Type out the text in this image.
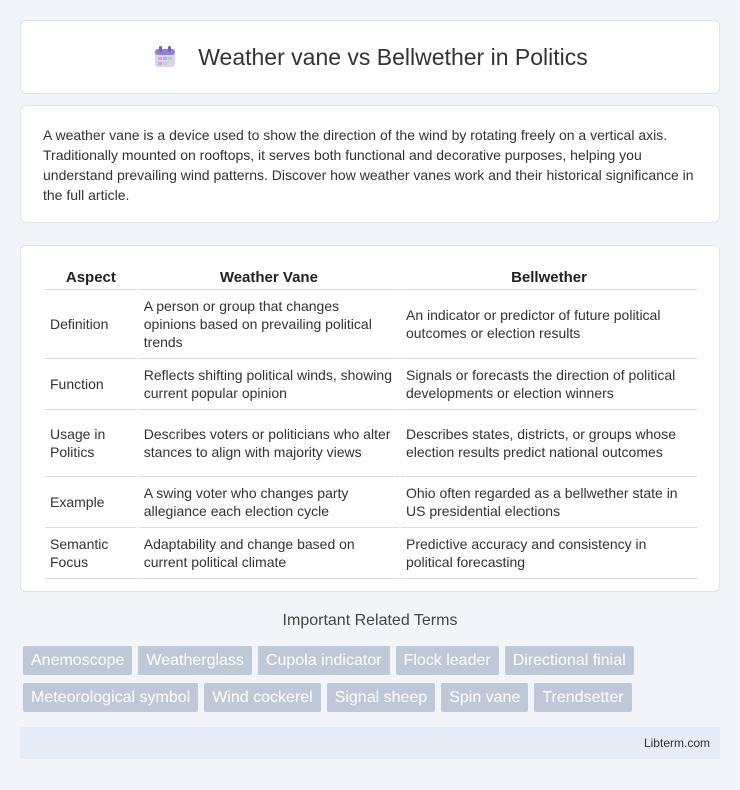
Weather vane vs Bellwether in Politics

A weather vane is a device used to show the direction of the wind by rotating freely on a vertical axis. Traditionally mounted on rooftops, it serves both functional and decorative purposes, helping you understand prevailing wind patterns. Discover how weather vanes work and their historical significance in the full article.

Aspect	Weather Vane	Bellwether
Definition	A person or group that changes opinions based on prevailing political trends	An indicator or predictor of future political outcomes or election results
Function	Reflects shifting political winds, showing current popular opinion	Signals or forecasts the direction of political developments or election winners
Usage in Politics	Describes voters or politicians who alter stances to align with majority views	Describes states, districts, or groups whose election results predict national outcomes
Example	A swing voter who changes party allegiance each election cycle	Ohio often regarded as a bellwether state in US presidential elections
Semantic Focus	Adaptability and change based on current political climate	Predictive accuracy and consistency in political forecasting
Important Related Terms
Anemoscope	Weatherglass	Cupola indicator	Flock leader	Directional finial
Meteorological symbol	Wind cockerel	Signal sheep	Spin vane	Trendsetter
Libterm.com
